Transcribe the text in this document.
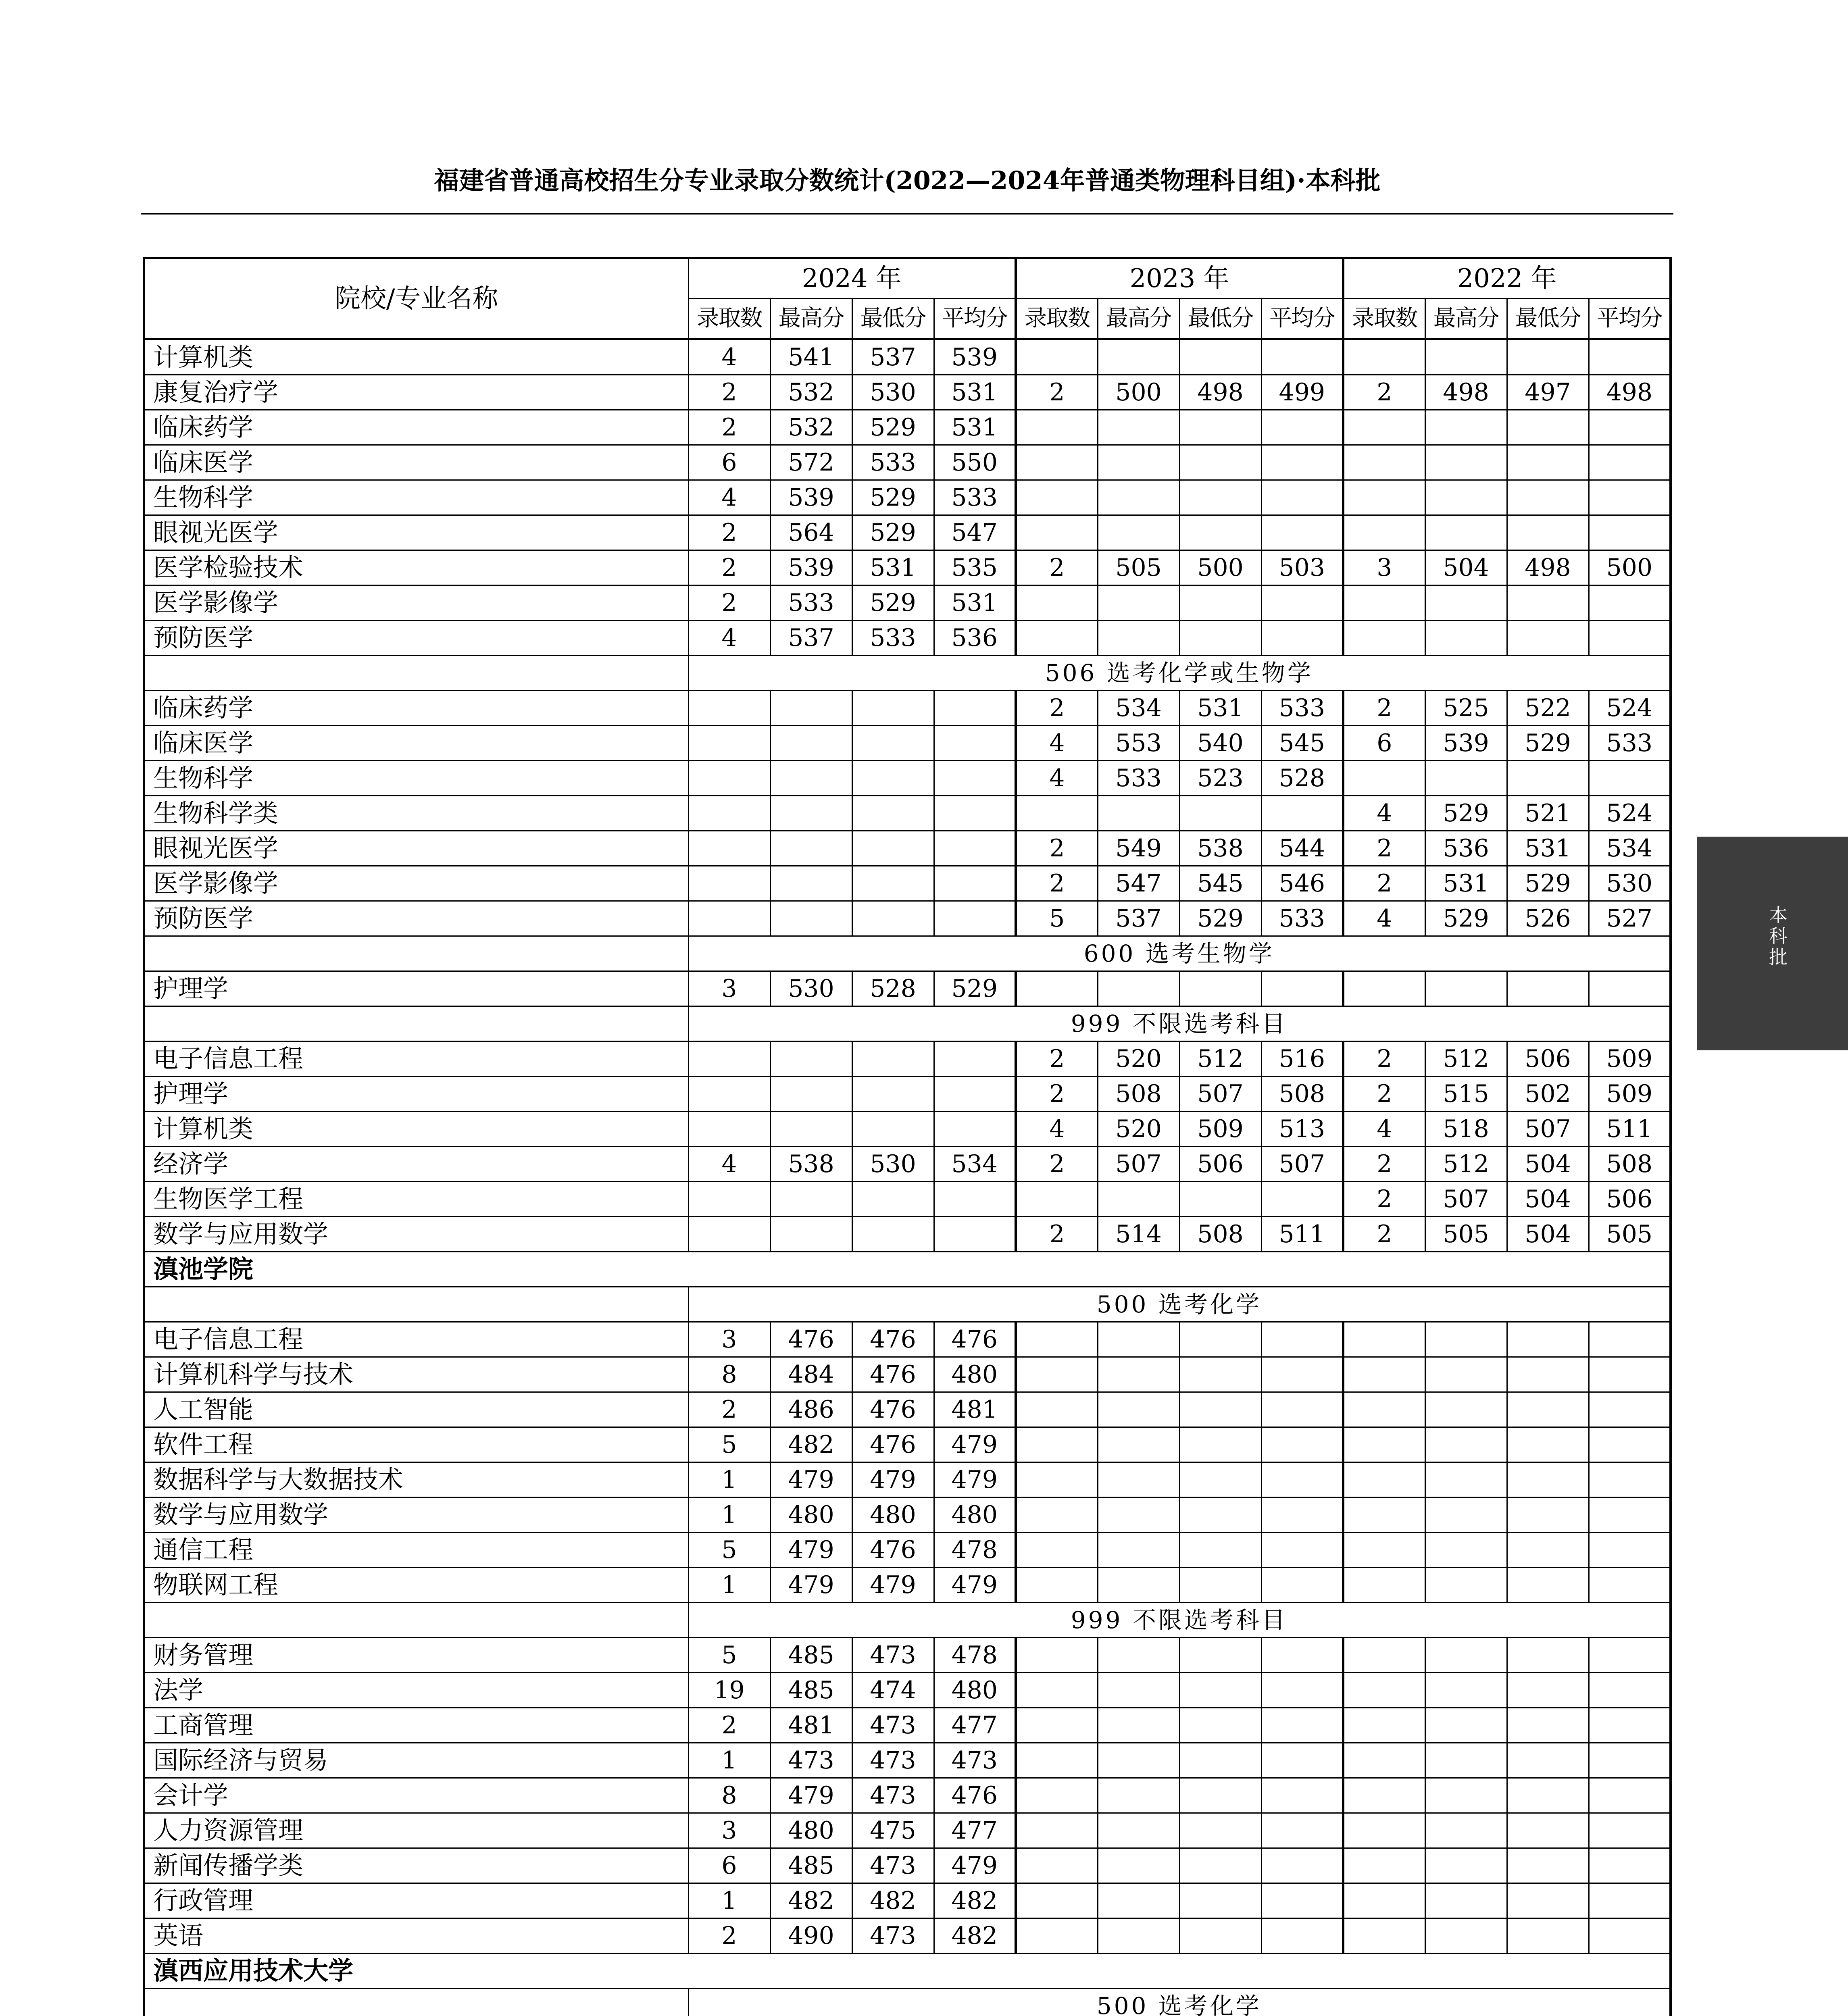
福建省普通高校招生分专业录取分数统计(2022—2024年普通类物理科目组)·本科批
本科批
院校/专业名称	2024 年				2023 年				2022 年			
	录取数	最高分	最低分	平均分	录取数	最高分	最低分	平均分	录取数	最高分	最低分	平均分
计算机类	4	541	537	539								
康复治疗学	2	532	530	531	2	500	498	499	2	498	497	498
临床药学	2	532	529	531								
临床医学	6	572	533	550								
生物科学	4	539	529	533								
眼视光医学	2	564	529	547								
医学检验技术	2	539	531	535	2	505	500	503	3	504	498	500
医学影像学	2	533	529	531								
预防医学	4	537	533	536								
	506 选考化学或生物学											
临床药学					2	534	531	533	2	525	522	524
临床医学					4	553	540	545	6	539	529	533
生物科学					4	533	523	528				
生物科学类									4	529	521	524
眼视光医学					2	549	538	544	2	536	531	534
医学影像学					2	547	545	546	2	531	529	530
预防医学					5	537	529	533	4	529	526	527
	600 选考生物学											
护理学	3	530	528	529								
	999 不限选考科目											
电子信息工程					2	520	512	516	2	512	506	509
护理学					2	508	507	508	2	515	502	509
计算机类					4	520	509	513	4	518	507	511
经济学	4	538	530	534	2	507	506	507	2	512	504	508
生物医学工程									2	507	504	506
数学与应用数学					2	514	508	511	2	505	504	505
滇池学院												
	500 选考化学											
电子信息工程	3	476	476	476								
计算机科学与技术	8	484	476	480								
人工智能	2	486	476	481								
软件工程	5	482	476	479								
数据科学与大数据技术	1	479	479	479								
数学与应用数学	1	480	480	480								
通信工程	5	479	476	478								
物联网工程	1	479	479	479								
	999 不限选考科目											
财务管理	5	485	473	478								
法学	19	485	474	480								
工商管理	2	481	473	477								
国际经济与贸易	1	473	473	473								
会计学	8	479	473	476								
人力资源管理	3	480	475	477								
新闻传播学类	6	485	473	479								
行政管理	1	482	482	482								
英语	2	490	473	482								
滇西应用技术大学												
	500 选考化学											
